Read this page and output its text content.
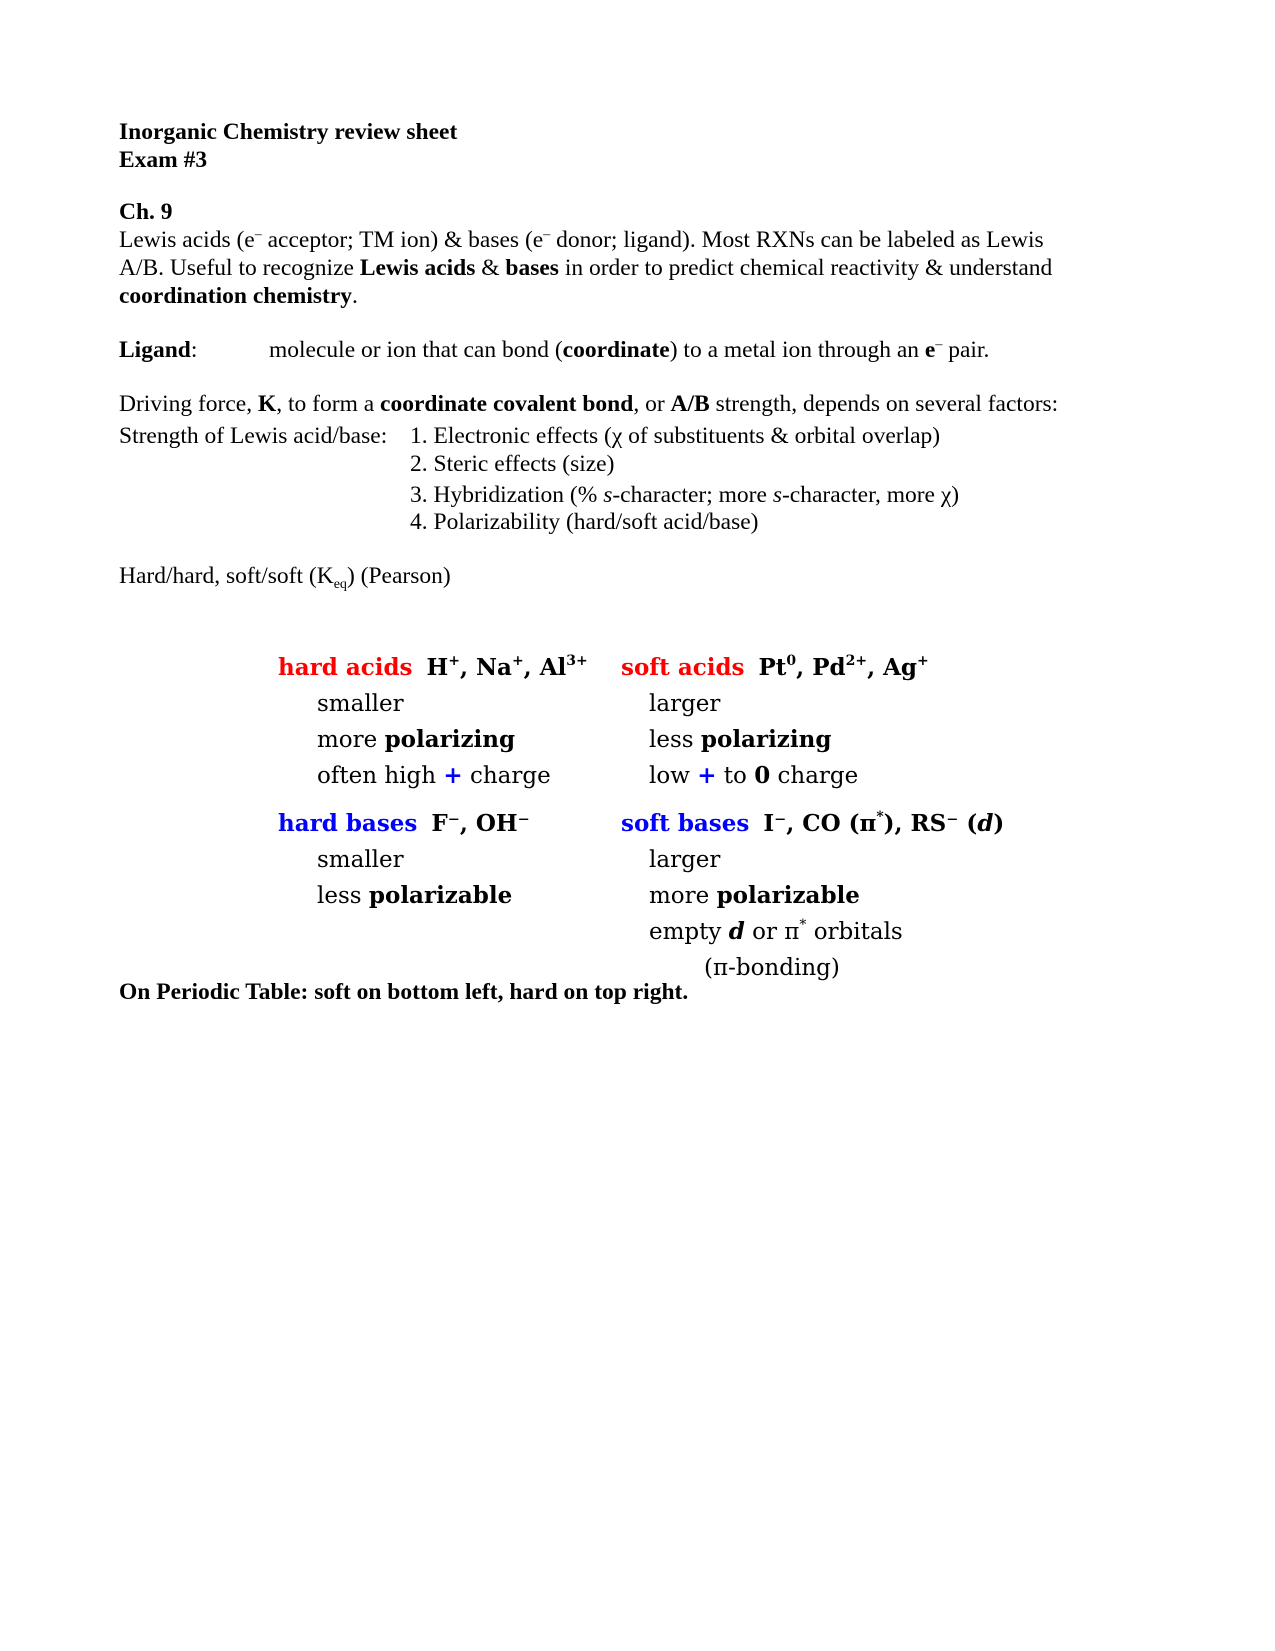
Inorganic Chemistry review sheet
Exam #3
Ch. 9
Lewis acids (e– acceptor; TM ion) & bases (e– donor; ligand). Most RXNs can be labeled as Lewis
A/B. Useful to recognize Lewis acids & bases in order to predict chemical reactivity & understand
coordination chemistry.
Ligand:	molecule or ion that can bond (coordinate) to a metal ion through an e– pair.
Driving force, K, to form a coordinate covalent bond, or A/B strength, depends on several factors:
Strength of Lewis acid/base: 1. Electronic effects (χ of substituents & orbital overlap)
2. Steric effects (size)
3. Hybridization (% s-character; more s-character, more χ)
4. Polarizability (hard/soft acid/base)
Hard/hard, soft/soft $(K_{eq})$ (Pearson)
On Periodic Table: soft on bottom left, hard on top right.
hard acids H+, Na+, $Al^{3+}$
smaller
more polarizing
often high + charge
soft acids Pt$^0$, $Pd^{2+}$, Ag+
larger
less polarizing
low + to 0 charge
hard bases F⁻, OH⁻
smaller
less polarizable
soft bases I⁻, CO (π*), RS⁻ (d)
larger
more polarizable
empty d or π* orbitals
(π-bonding)
